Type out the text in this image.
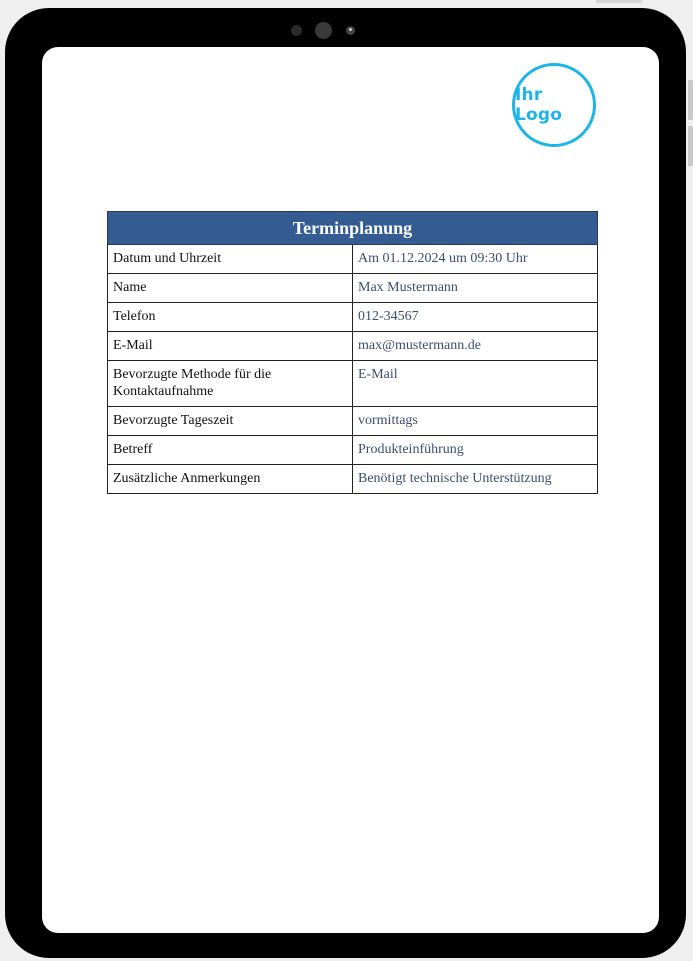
Ihr Logo
Terminplanung	
Datum und Uhrzeit	Am 01.12.2024 um 09:30 Uhr
Name	Max Mustermann
Telefon	012-34567
E-Mail	max@mustermann.de
Bevorzugte Methode für die Kontaktaufnahme	E-Mail
Bevorzugte Tageszeit	vormittags
Betreff	Produkteinführung
Zusätzliche Anmerkungen	Benötigt technische Unterstützung
